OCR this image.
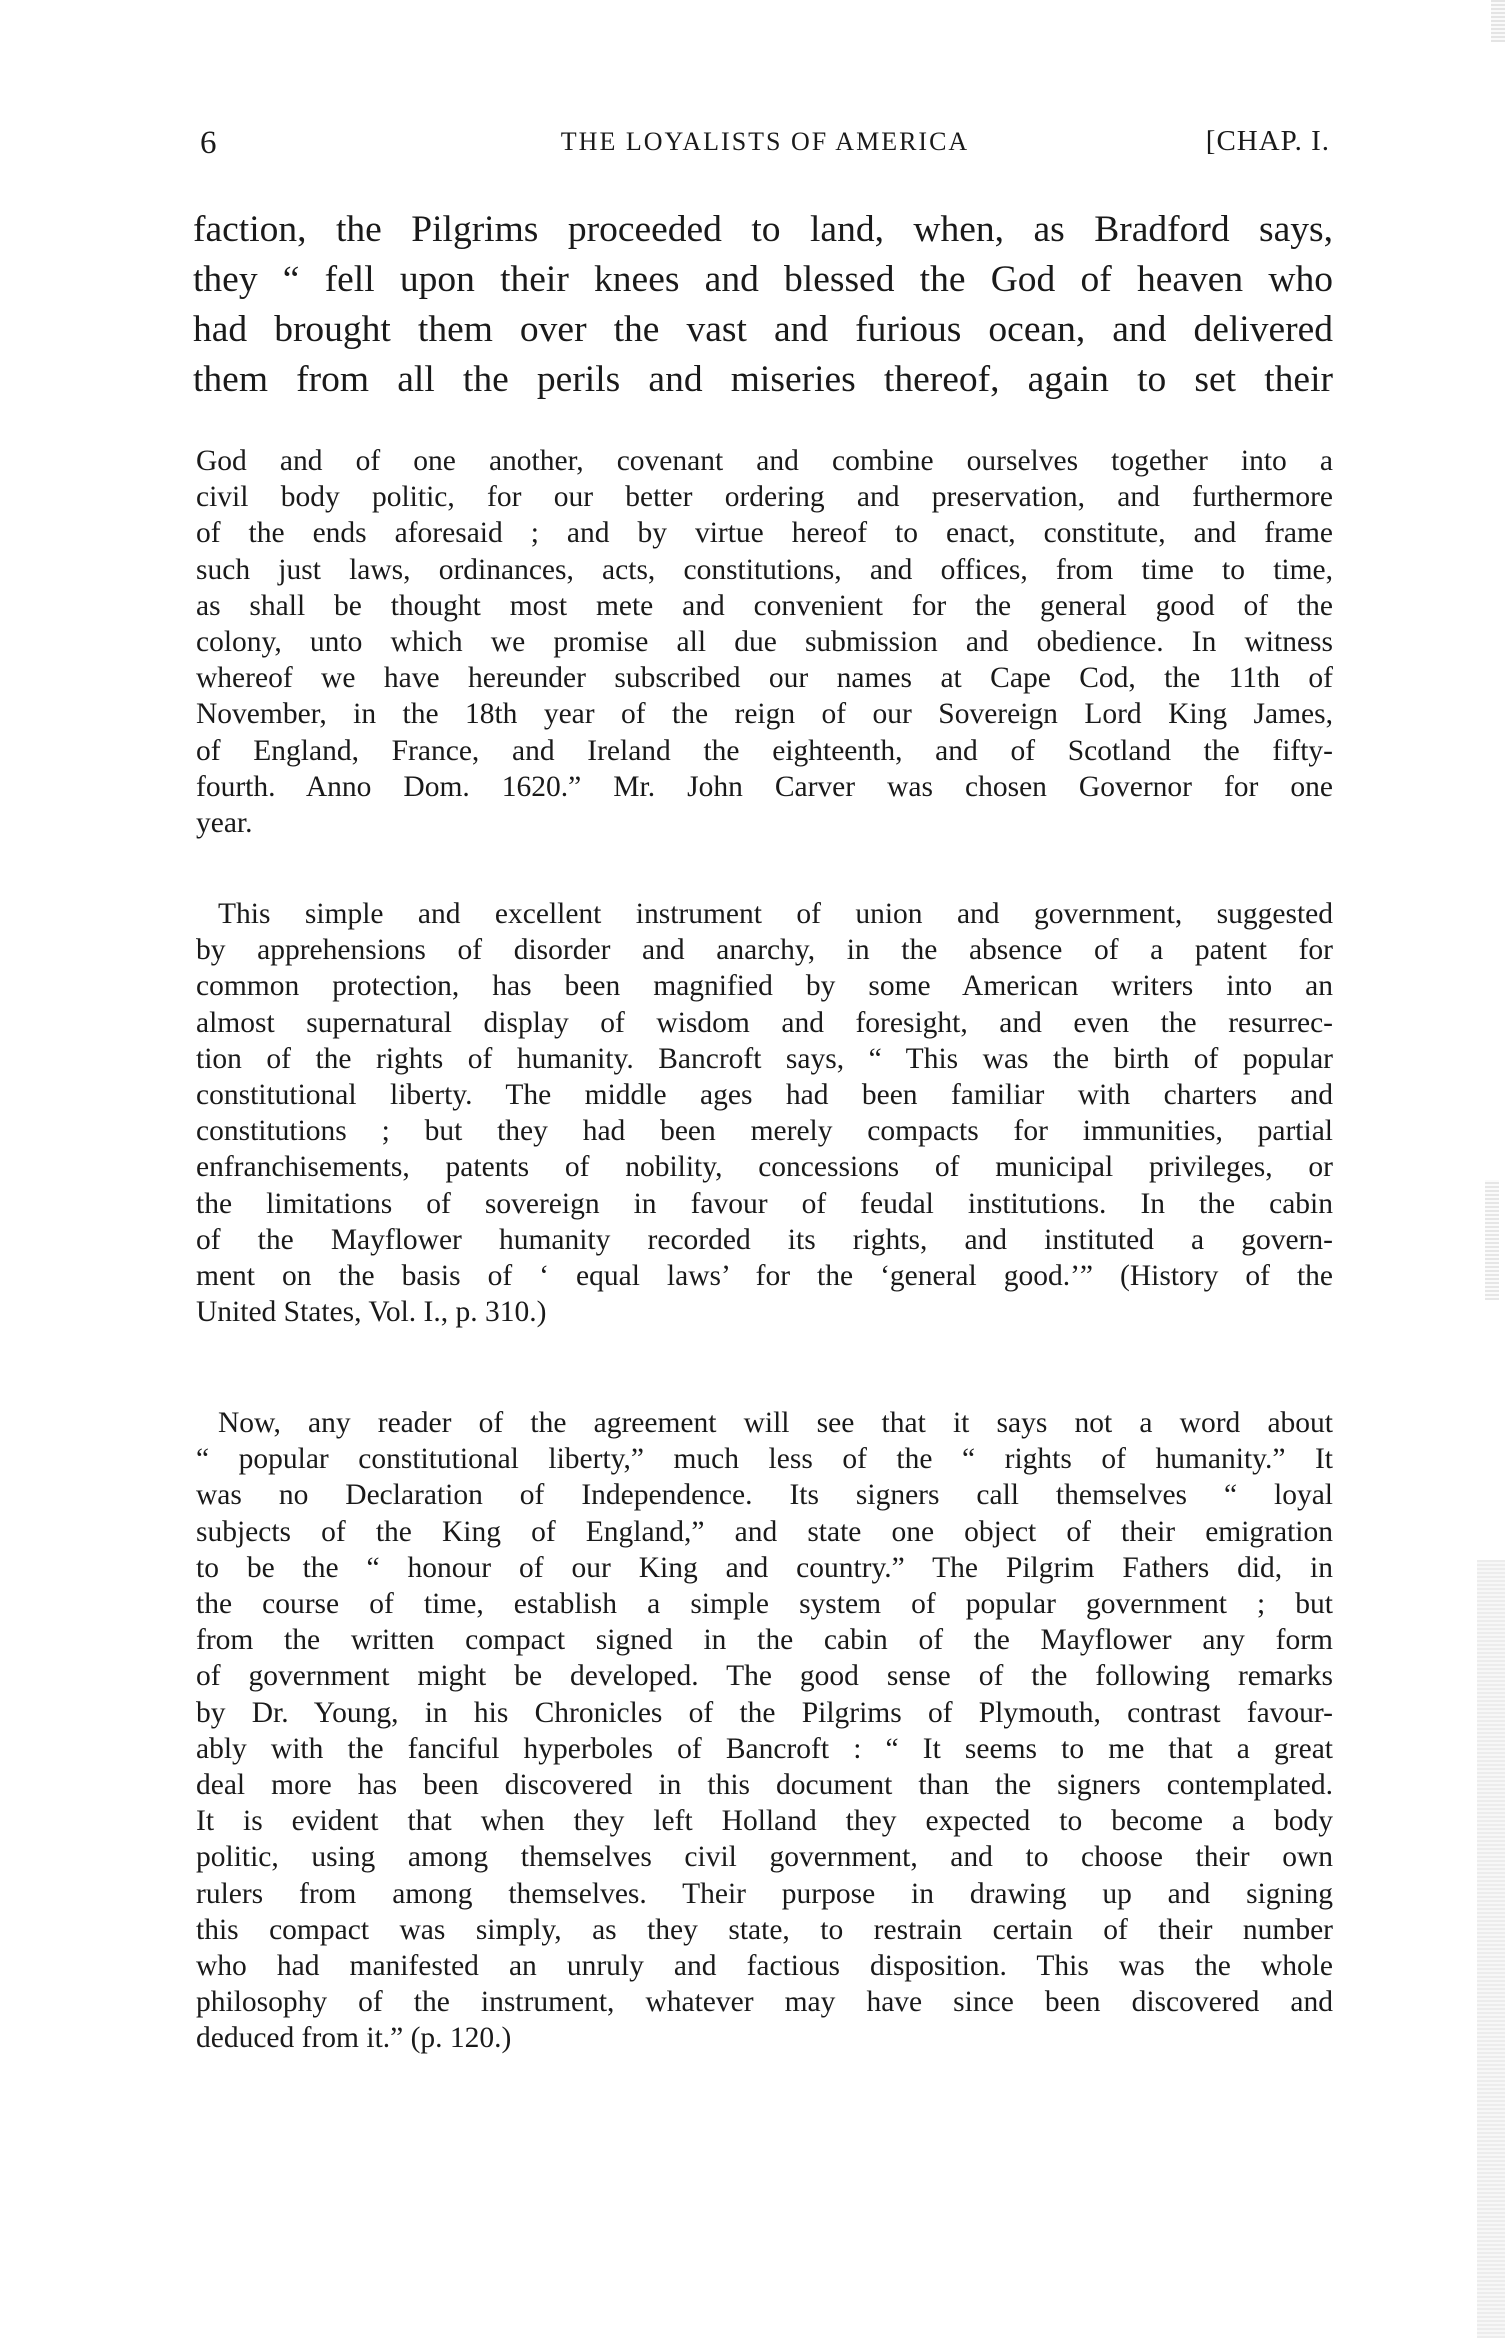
6	THE LOYALISTS OF AMERICA	[CHAP. I.
faction, the Pilgrims proceeded to land, when, as Bradford says,
they “ fell upon their knees and blessed the God of heaven who
had brought them over the vast and furious ocean, and delivered
them from all the perils and miseries thereof, again to set their
God and of one another, covenant and combine ourselves together into a
civil body politic, for our better ordering and preservation, and furthermore
of the ends aforesaid ; and by virtue hereof to enact, constitute, and frame
such just laws, ordinances, acts, constitutions, and offices, from time to time,
as shall be thought most mete and convenient for the general good of the
colony, unto which we promise all due submission and obedience. In witness
whereof we have hereunder subscribed our names at Cape Cod, the 11th of
November, in the 18th year of the reign of our Sovereign Lord King James,
of England, France, and Ireland the eighteenth, and of Scotland the fifty-
fourth. Anno Dom. 1620.” Mr. John Carver was chosen Governor for one
year.
This simple and excellent instrument of union and government, suggested
by apprehensions of disorder and anarchy, in the absence of a patent for
common protection, has been magnified by some American writers into an
almost supernatural display of wisdom and foresight, and even the resurrec-
tion of the rights of humanity. Bancroft says, “ This was the birth of popular
constitutional liberty. The middle ages had been familiar with charters and
constitutions ; but they had been merely compacts for immunities, partial
enfranchisements, patents of nobility, concessions of municipal privileges, or
the limitations of sovereign in favour of feudal institutions. In the cabin
of the Mayflower humanity recorded its rights, and instituted a govern-
ment on the basis of ‘ equal laws’ for the ‘general good.’” (History of the
United States, Vol. I., p. 310.)
Now, any reader of the agreement will see that it says not a word about
“ popular constitutional liberty,” much less of the “ rights of humanity.” It
was no Declaration of Independence. Its signers call themselves “ loyal
subjects of the King of England,” and state one object of their emigration
to be the “ honour of our King and country.” The Pilgrim Fathers did, in
the course of time, establish a simple system of popular government ; but
from the written compact signed in the cabin of the Mayflower any form
of government might be developed. The good sense of the following remarks
by Dr. Young, in his Chronicles of the Pilgrims of Plymouth, contrast favour-
ably with the fanciful hyperboles of Bancroft : “ It seems to me that a great
deal more has been discovered in this document than the signers contemplated.
It is evident that when they left Holland they expected to become a body
politic, using among themselves civil government, and to choose their own
rulers from among themselves. Their purpose in drawing up and signing
this compact was simply, as they state, to restrain certain of their number
who had manifested an unruly and factious disposition. This was the whole
philosophy of the instrument, whatever may have since been discovered and
deduced from it.” (p. 120.)
